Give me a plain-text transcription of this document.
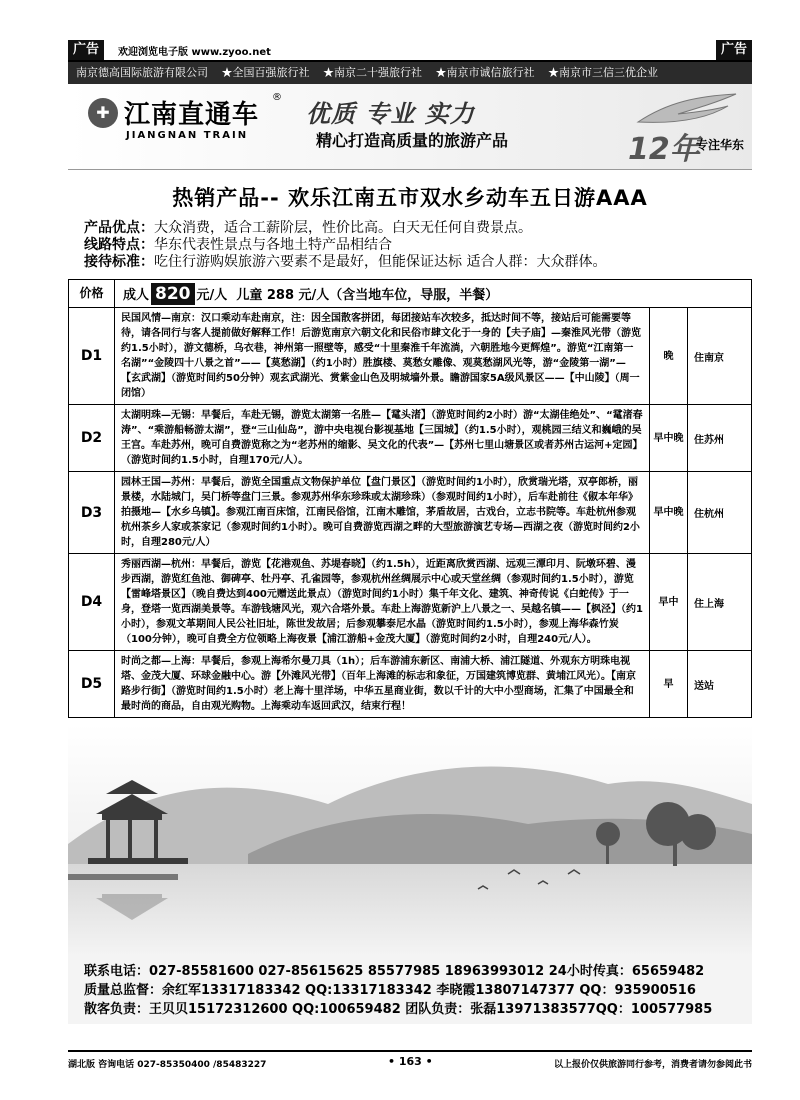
广告	欢迎浏览电子版 www.zyoo.net	广告
南京德高国际旅游有限公司 ★全国百强旅行社 ★南京二十强旅行社 ★南京市诚信旅行社 ★南京市三信三优企业
✚ 江南直通车
®
JIANGNAN TRAIN
优质 专业 实力
精心打造高质量的旅游产品	12年
专注华东
热销产品-- 欢乐江南五市双水乡动车五日游AAA
产品优点：大众消费，适合工薪阶层，性价比高。白天无任何自费景点。
线路特点：华东代表性景点与各地土特产品相结合
接待标准：吃住行游购娱旅游六要素不是最好，但能保证达标 适合人群：大众群体。
价格	成人 820 元/人 儿童 288 元/人（含当地车位，导服，半餐）		
D1	民国风情—南京：汉口乘动车赴南京，注：因全国散客拼团，每团接站车次较多，抵达时间不等，接站后可能需要等待，请各同行与客人提前做好解释工作！后游览南京六朝文化和民俗市肆文化于一身的【夫子庙】—秦淮风光带（游览约1.5小时），游文德桥，乌衣巷，神州第一照壁等，感受“十里秦淮千年流淌，六朝胜地今更辉煌”。游览“江南第一名湖”“金陵四十八景之首”——【莫愁湖】（约1小时）胜旗楼、莫愁女雕像、观莫愁湖风光等，游“金陵第一湖”—【玄武湖】（游览时间约50分钟）观玄武湖光、赏紫金山色及明城墙外景。瞻游国家5A级风景区——【中山陵】（周一闭馆）	晚	住南京
D2	太湖明珠—无锡：早餐后，车赴无锡，游览太湖第一名胜—【鼋头渚】（游览时间约2小时）游“太湖佳绝处”、“鼋渚春涛”、“乘游船畅游太湖”，登“三山仙岛”，游中央电视台影视基地【三国城】（约1.5小时），观桃园三结义和巍峨的吴王宫。车赴苏州，晚可自费游览称之为“老苏州的缩影、吴文化的代表”—【苏州七里山塘景区或者苏州古运河+定园】（游览时间约1.5小时，自理170元/人）。	早中晚	住苏州
D3	园林王国—苏州：早餐后，游览全国重点文物保护单位【盘门景区】（游览时间约1小时），欣赏瑞光塔，双亭郎桥，丽景楼，水陆城门，吴门桥等盘门三景。参观苏州华东珍珠或太湖珍珠）（参观时间约1小时），后车赴前往《俶本年华》拍摄地—【水乡乌镇】。参观江南百床馆，江南民俗馆，江南木雕馆，茅盾故居，古戏台，立志书院等。车赴杭州参观杭州茶乡人家或茶家记（参观时间约1小时）。晚可自费游览西湖之畔的大型旅游演艺专场—西湖之夜（游览时间约2小时，自理280元/人）	早中晚	住杭州
D4	秀丽西湖—杭州：早餐后，游览【花港观鱼、苏堤春晓】（约1.5h），近距离欣赏西湖、远观三潭印月、阮墩环碧、漫步西湖，游览红鱼池、御碑亭、牡丹亭、孔雀园等，参观杭州丝绸展示中心或天堂丝绸（参观时间约1.5小时），游览【雷峰塔景区】（晚自费达到400元赠送此景点）（游览时间约1小时）集千年文化、建筑、神奇传说《白蛇传》于一身，登塔一览西湖美景等。车游钱塘风光，观六合塔外景。车赴上海游览新沪上八景之一、吴越名镇——【枫泾】（约1小时），参观文革期间人民公社旧址，陈世发故居；后参观攀泰尼水晶（游览时间约1.5小时），参观上海华森竹炭（100分钟），晚可自费全方位领略上海夜景【浦江游船+金茂大厦】（游览时间约2小时，自理240元/人）。	早中	住上海
D5	时尚之都—上海：早餐后，参观上海希尔曼刀具（1h）；后车游浦东新区、南浦大桥、浦江隧道、外观东方明珠电视塔、金茂大厦、环球金融中心。游【外滩风光带】（百年上海滩的标志和象征，万国建筑博览群、黄埔江风光）。【南京路步行街】（游览时间约1.5小时）老上海十里洋场，中华五星商业街，数以千计的大中小型商场，汇集了中国最全和最时尚的商品，自由观光购物。上海乘动车返回武汉，结束行程！	早	送站
联系电话：027-85581600 027-85615625 85577985 18963993012 24小时传真：65659482
质量总监督：余红军13317183342 QQ:13317183342 李晓霞13807147377 QQ：935900516
散客负责：王贝贝15172312600 QQ:100659482 团队负责：张磊13971383577QQ：100577985
湖北版 咨询电话 027-85350400 /85483227	• 163 •	以上报价仅供旅游同行参考，消费者请勿参阅此书
